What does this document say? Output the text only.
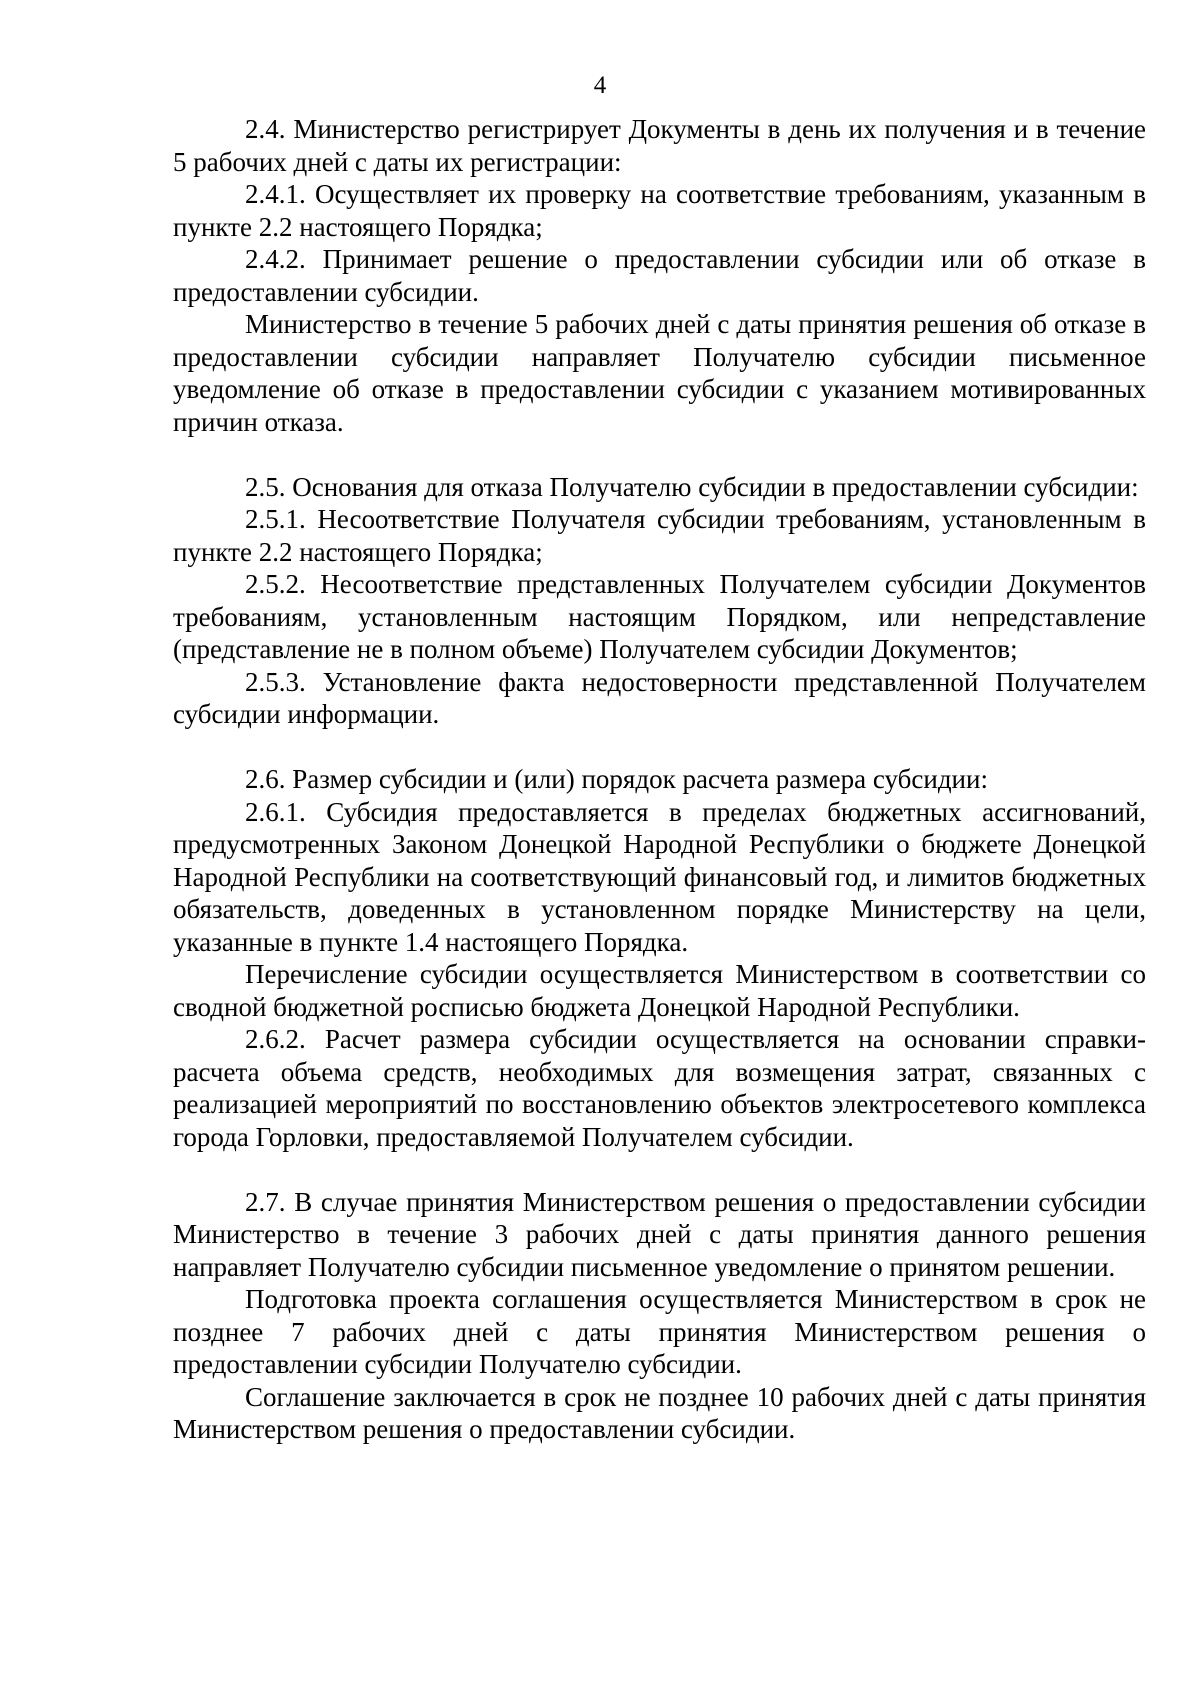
4

2.4. Министерство регистрирует Документы в день их получения и в течение 5 рабочих дней с даты их регистрации:

2.4.1. Осуществляет их проверку на соответствие требованиям, указанным в пункте 2.2 настоящего Порядка;

2.4.2. Принимает решение о предоставлении субсидии или об отказе в предоставлении субсидии.

Министерство в течение 5 рабочих дней с даты принятия решения об отказе в предоставлении субсидии направляет Получателю субсидии письменное уведомление об отказе в предоставлении субсидии с указанием мотивированных причин отказа.

2.5. Основания для отказа Получателю субсидии в предоставлении субсидии:

2.5.1. Несоответствие Получателя субсидии требованиям, установленным в пункте 2.2 настоящего Порядка;

2.5.2. Несоответствие представленных Получателем субсидии Документов требованиям, установленным настоящим Порядком, или непредставление (представление не в полном объеме) Получателем субсидии Документов;

2.5.3. Установление факта недостоверности представленной Получателем субсидии информации.

2.6. Размер субсидии и (или) порядок расчета размера субсидии:

2.6.1. Субсидия предоставляется в пределах бюджетных ассигнований, предусмотренных Законом Донецкой Народной Республики о бюджете Донецкой Народной Республики на соответствующий финансовый год, и лимитов бюджетных обязательств, доведенных в установленном порядке Министерству на цели, указанные в пункте 1.4 настоящего Порядка.

Перечисление субсидии осуществляется Министерством в соответствии со сводной бюджетной росписью бюджета Донецкой Народной Республики.

2.6.2. Расчет размера субсидии осуществляется на основании справки-расчета объема средств, необходимых для возмещения затрат, связанных с реализацией мероприятий по восстановлению объектов электросетевого комплекса города Горловки, предоставляемой Получателем субсидии.

2.7. В случае принятия Министерством решения о предоставлении субсидии Министерство в течение 3 рабочих дней с даты принятия данного решения направляет Получателю субсидии письменное уведомление о принятом решении.

Подготовка проекта соглашения осуществляется Министерством в срок не позднее 7 рабочих дней с даты принятия Министерством решения о предоставлении субсидии Получателю субсидии.

Соглашение заключается в срок не позднее 10 рабочих дней с даты принятия Министерством решения о предоставлении субсидии.
